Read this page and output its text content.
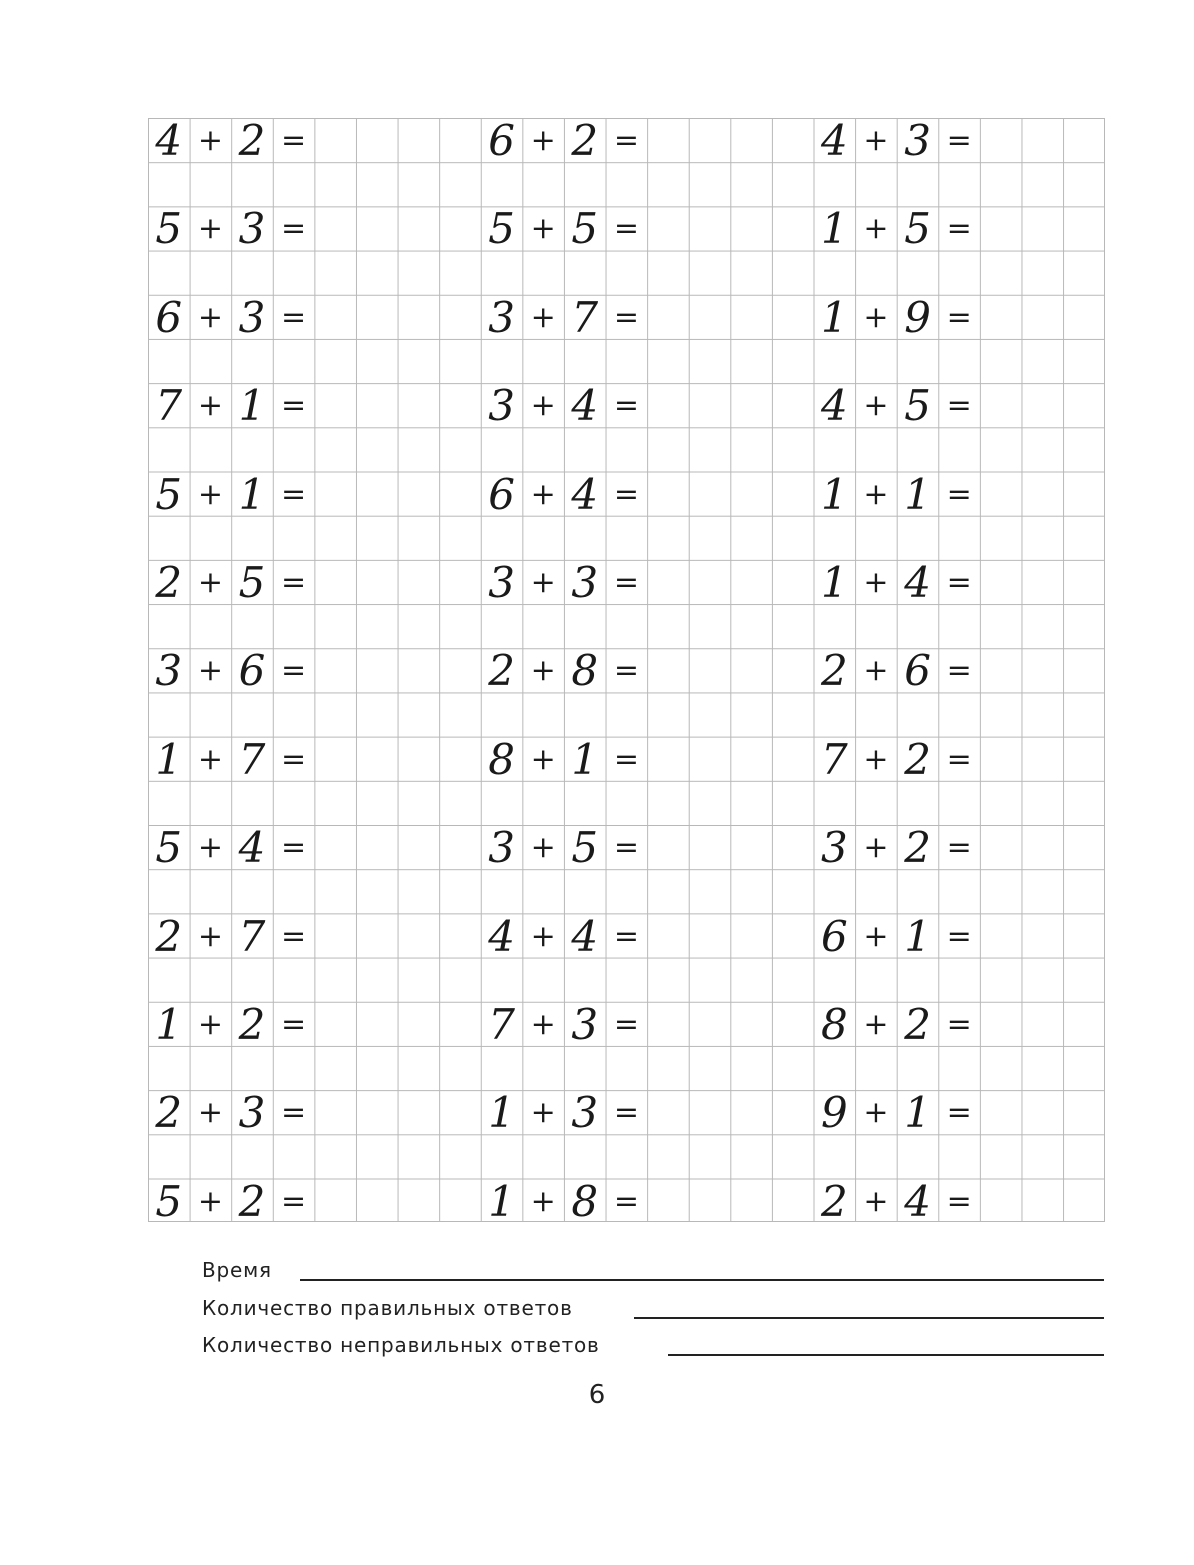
4 + 2 =
5 + 3 =
6 + 3 =
7 + 1 =
5 + 1 =
2 + 5 =
3 + 6 =
1 + 7 =
5 + 4 =
2 + 7 =
1 + 2 =
2 + 3 =
5 + 2 =
6 + 2 =
5 + 5 =
3 + 7 =
3 + 4 =
6 + 4 =
3 + 3 =
2 + 8 =
8 + 1 =
3 + 5 =
4 + 4 =
7 + 3 =
1 + 3 =
1 + 8 =
4 + 3 =
1 + 5 =
1 + 9 =
4 + 5 =
1 + 1 =
1 + 4 =
2 + 6 =
7 + 2 =
3 + 2 =
6 + 1 =
8 + 2 =
9 + 1 =
2 + 4 =
Время
Количество правильных ответов
Количество неправильных ответов
6
